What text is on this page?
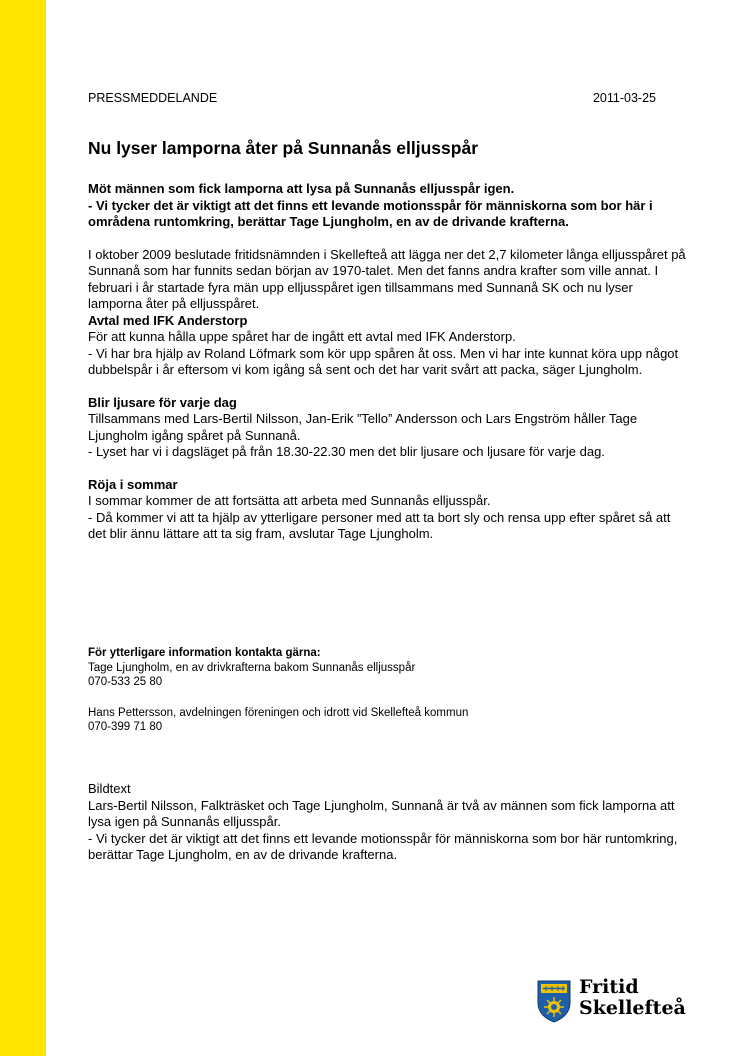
PRESSMEDDELANDE	2011-03-25
Nu lyser lamporna åter på Sunnanås elljusspår

Möt männen som fick lamporna att lysa på Sunnanås elljusspår igen.

- Vi tycker det är viktigt att det finns ett levande motionsspår för människorna som bor här i områdena runtomkring, berättar Tage Ljungholm, en av de drivande krafterna.

I oktober 2009 beslutade fritidsnämnden i Skellefteå att lägga ner det 2,7 kilometer långa elljusspåret på Sunnanå som har funnits sedan början av 1970-talet. Men det fanns andra krafter som ville annat. I februari i år startade fyra män upp elljusspåret igen tillsammans med Sunnanå SK och nu lyser lamporna åter på elljusspåret.

Avtal med IFK Anderstorp

För att kunna hålla uppe spåret har de ingått ett avtal med IFK Anderstorp.

- Vi har bra hjälp av Roland Löfmark som kör upp spåren åt oss. Men vi har inte kunnat köra upp något dubbelspår i år eftersom vi kom igång så sent och det har varit svårt att packa, säger Ljungholm.

Blir ljusare för varje dag

Tillsammans med Lars-Bertil Nilsson, Jan-Erik ”Tello” Andersson och Lars Engström håller Tage Ljungholm igång spåret på Sunnanå.

- Lyset har vi i dagsläget på från 18.30-22.30 men det blir ljusare och ljusare för varje dag.

Röja i sommar

I sommar kommer de att fortsätta att arbeta med Sunnanås elljusspår.

- Då kommer vi att ta hjälp av ytterligare personer med att ta bort sly och rensa upp efter spåret så att det blir ännu lättare att ta sig fram, avslutar Tage Ljungholm.

För ytterligare information kontakta gärna:

Tage Ljungholm, en av drivkrafterna bakom Sunnanås elljusspår

070-533 25 80

Hans Pettersson, avdelningen föreningen och idrott vid Skellefteå kommun

070-399 71 80

Bildtext

Lars-Bertil Nilsson, Falkträsket och Tage Ljungholm, Sunnanå är två av männen som fick lamporna att lysa igen på Sunnanås elljusspår.

- Vi tycker det är viktigt att det finns ett levande motionsspår för människorna som bor här runtomkring, berättar Tage Ljungholm, en av de drivande krafterna.

Fritid
Skellefteå
